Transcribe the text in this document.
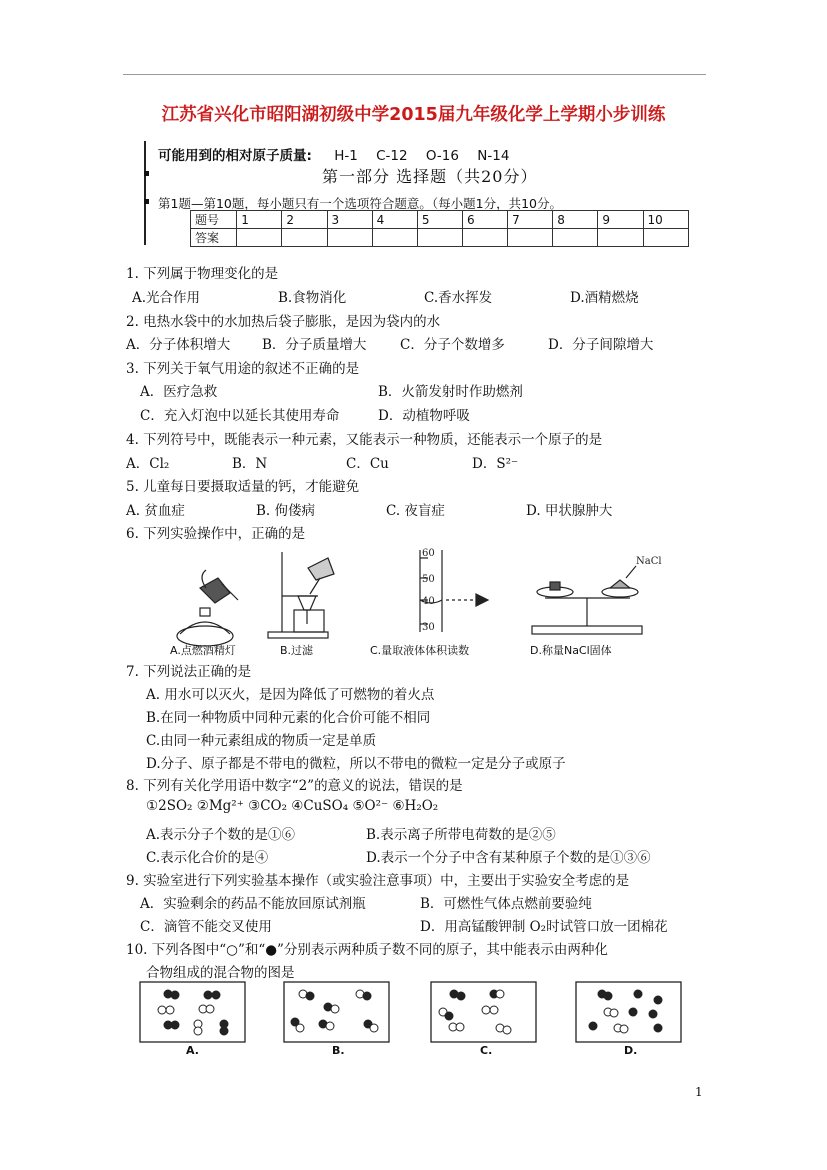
江苏省兴化市昭阳湖初级中学2015届九年级化学上学期小步训练
可能用到的相对原子质量: H-1 C-12 O-16 N-14
第一部分 选择题（共20分）
第1题—第10题，每小题只有一个选项符合题意。（每小题1分，共10分。
题号	1	2	3	4	5	6	7	8	9	10
答案										
1. 下列属于物理变化的是
A.光合作用	B.食物消化	C.香水挥发	D.酒精燃烧
2. 电热水袋中的水加热后袋子膨胀，是因为袋内的水
A．分子体积增大 B．分子质量增大 C．分子个数增多	D．分子间隙增大
3. 下列关于氧气用途的叙述不正确的是
A．医疗急救	B．火箭发射时作助燃剂
C．充入灯泡中以延长其使用寿命	D．动植物呼吸
4. 下列符号中，既能表示一种元素，又能表示一种物质，还能表示一个原子的是
A．Cl₂	B．N	C．Cu	D．S²⁻
5. 儿童每日要摄取适量的钙，才能避免
A. 贫血症	B. 佝偻病	C. 夜盲症	D. 甲状腺肿大
6. 下列实验操作中，正确的是
60
50
40
30
NaCl
A.点燃酒精灯	B.过滤	C.量取液体体积读数	D.称量NaCl固体
7. 下列说法正确的是
A. 用水可以灭火，是因为降低了可燃物的着火点
B.在同一种物质中同种元素的化合价可能不相同
C.由同一种元素组成的物质一定是单质
D.分子、原子都是不带电的微粒，所以不带电的微粒一定是分子或原子
8. 下列有关化学用语中数字“2”的意义的说法，错误的是
①2SO₂ ②Mg²⁺ ③CO₂ ④CuSO₄ ⑤O²⁻ ⑥H₂O₂
A.表示分子个数的是①⑥	B.表示离子所带电荷数的是②⑤
C.表示化合价的是④	D.表示一个分子中含有某种原子个数的是①③⑥
9. 实验室进行下列实验基本操作（或实验注意事项）中，主要出于实验安全考虑的是
A．实验剩余的药品不能放回原试剂瓶	B．可燃性气体点燃前要验纯
C．滴管不能交叉使用	D．用高锰酸钾制 O₂时试管口放一团棉花
10. 下列各图中“○”和“●”分别表示两种质子数不同的原子，其中能表示由两种化
合物组成的混合物的图是
A.	B.	C.	D.
1
